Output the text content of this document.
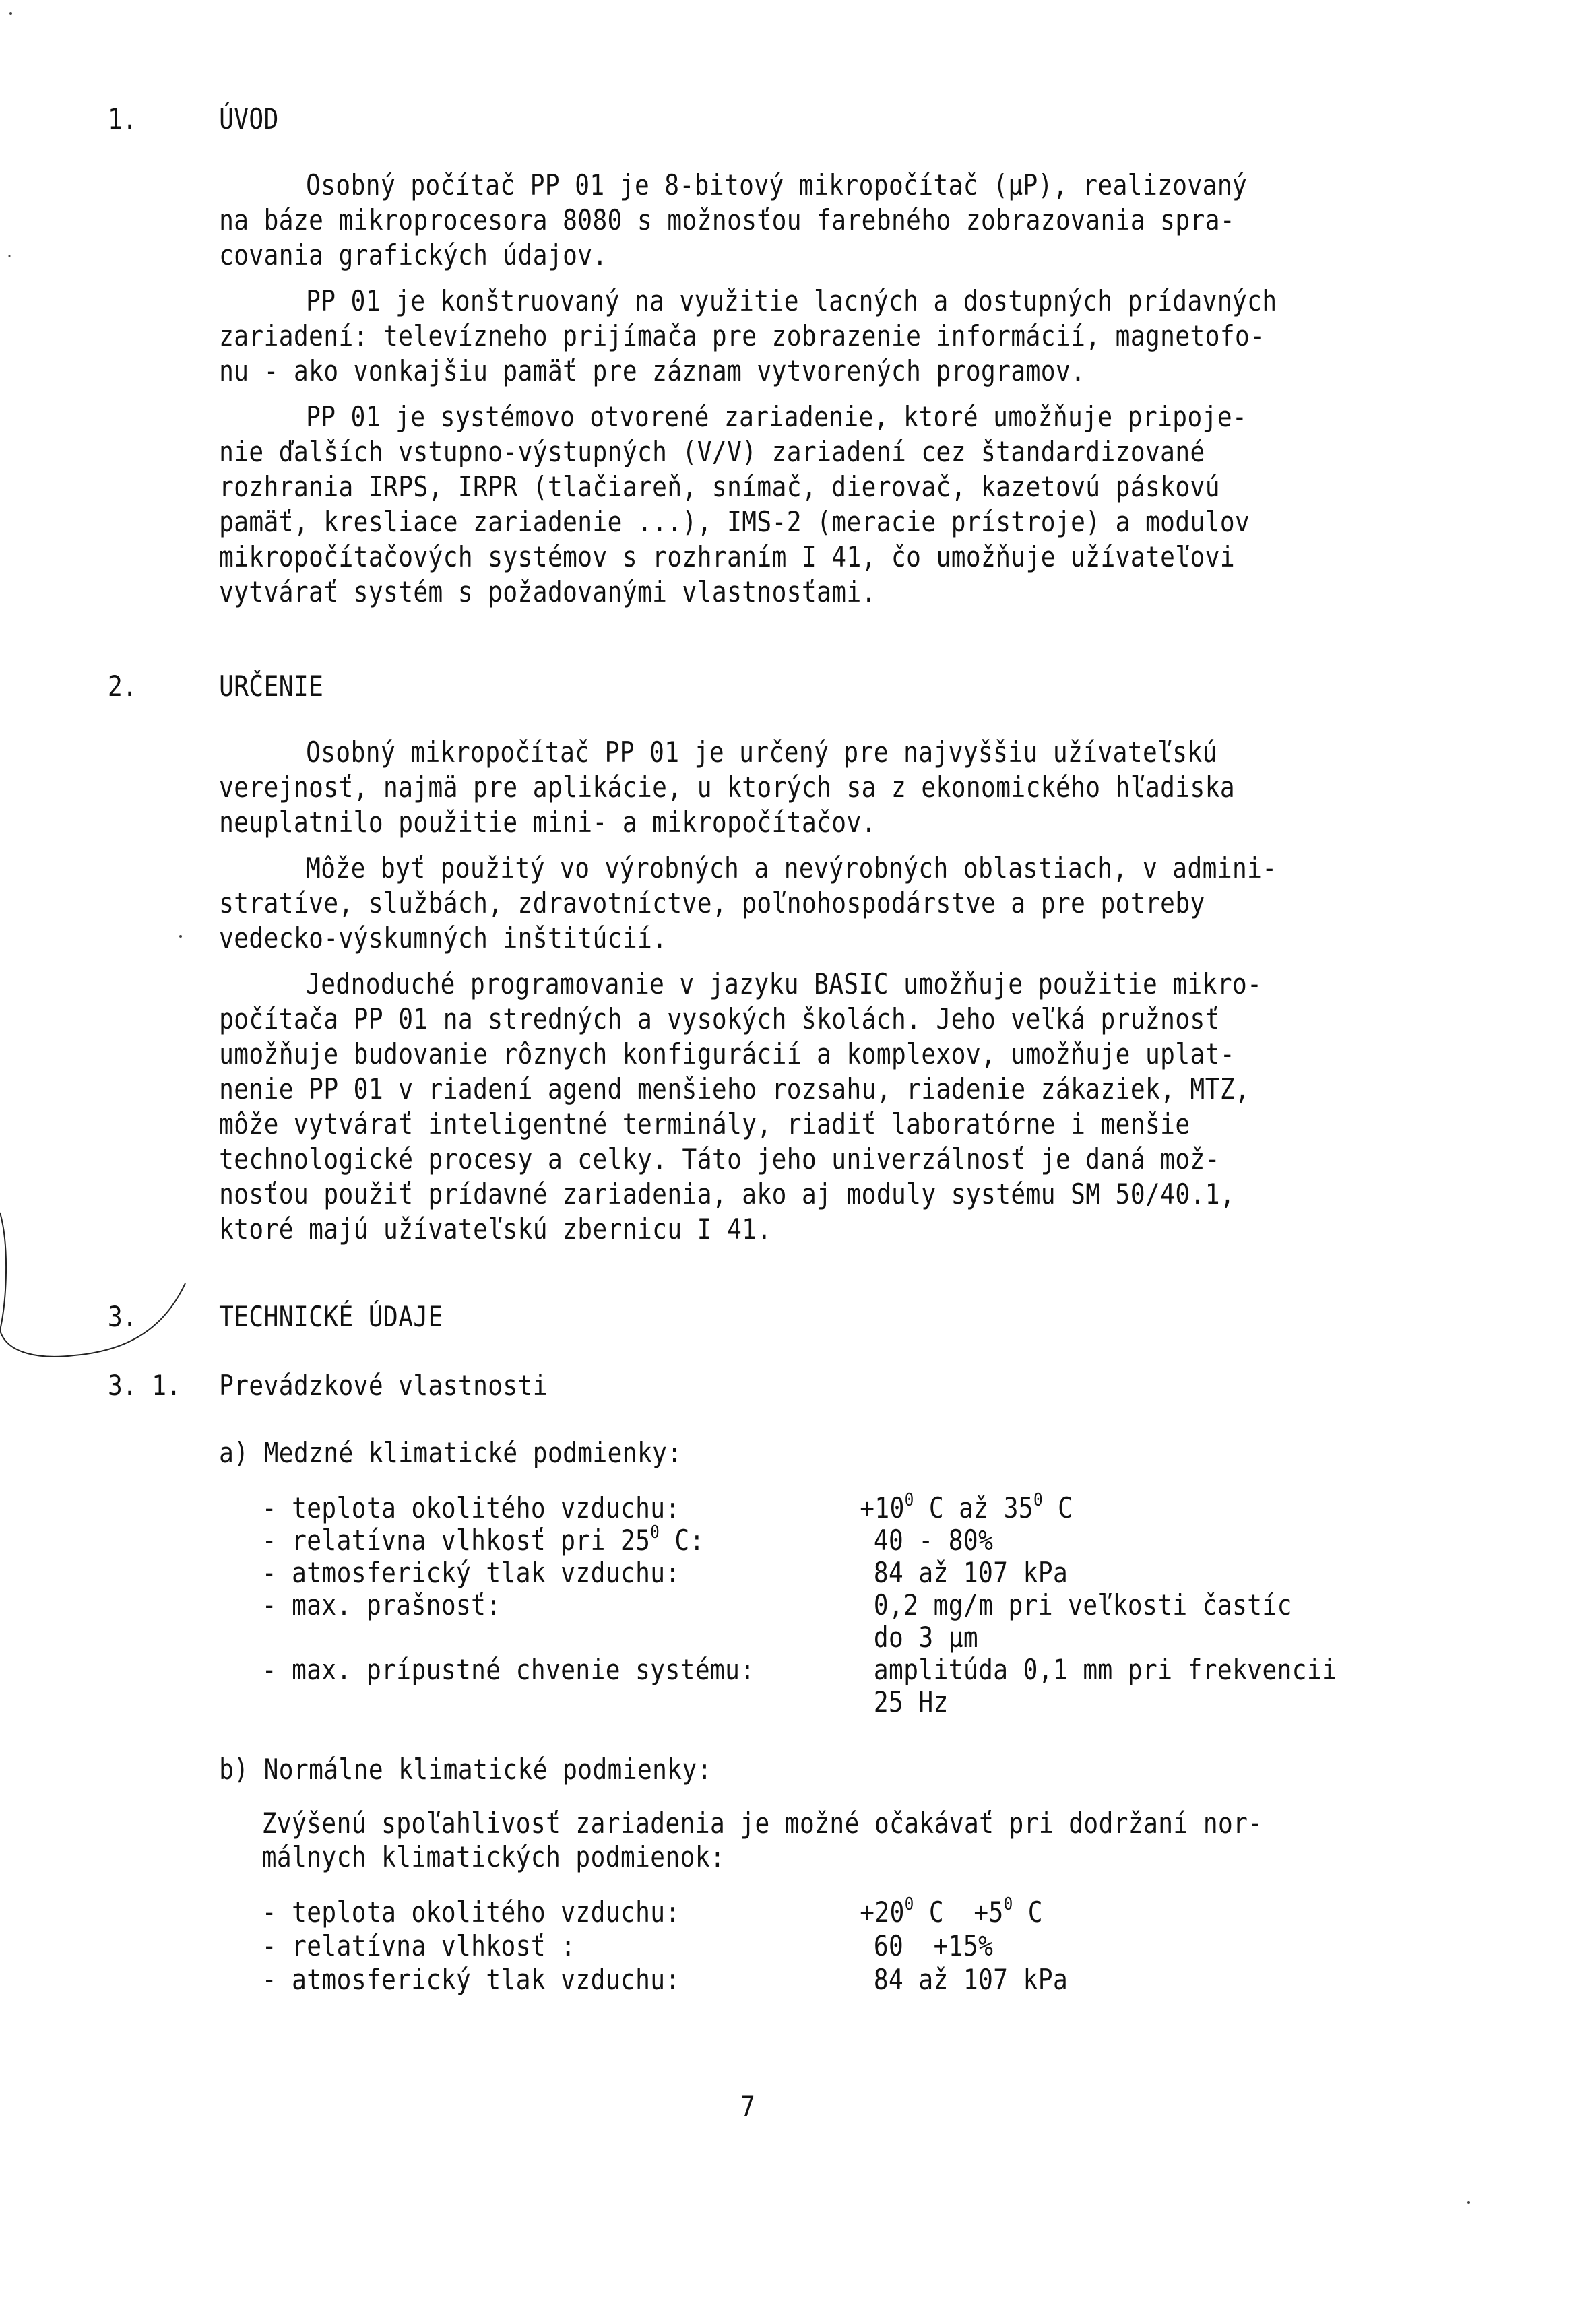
1.	ÚVOD
Osobný počítač PP 01 je 8-bitový mikropočítač (µP), realizovaný
na báze mikroprocesora 8080 s možnosťou farebného zobrazovania spra-
covania grafických údajov.
PP 01 je konštruovaný na využitie lacných a dostupných prídavných
zariadení: televízneho prijímača pre zobrazenie informácií, magnetofo-
nu - ako vonkajšiu pamäť pre záznam vytvorených programov.
PP 01 je systémovo otvorené zariadenie, ktoré umožňuje pripoje-
nie ďalších vstupno-výstupných (V/V) zariadení cez štandardizované
rozhrania IRPS, IRPR (tlačiareň, snímač, dierovač, kazetovú páskovú
pamäť, kresliace zariadenie ...), IMS-2 (meracie prístroje) a modulov
mikropočítačových systémov s rozhraním I 41, čo umožňuje užívateľovi
vytvárať systém s požadovanými vlastnosťami.
2.	URČENIE
Osobný mikropočítač PP 01 je určený pre najvyššiu užívateľskú
verejnosť, najmä pre aplikácie, u ktorých sa z ekonomického hľadiska
neuplatnilo použitie mini- a mikropočítačov.
Môže byť použitý vo výrobných a nevýrobných oblastiach, v admini-
stratíve, službách, zdravotníctve, poľnohospodárstve a pre potreby
vedecko-výskumných inštitúcií.
Jednoduché programovanie v jazyku BASIC umožňuje použitie mikro-
počítača PP 01 na stredných a vysokých školách. Jeho veľká pružnosť
umožňuje budovanie rôznych konfigurácií a komplexov, umožňuje uplat-
nenie PP 01 v riadení agend menšieho rozsahu, riadenie zákaziek, MTZ,
môže vytvárať inteligentné terminály, riadiť laboratórne i menšie
technologické procesy a celky. Táto jeho univerzálnosť je daná mož-
nosťou použiť prídavné zariadenia, ako aj moduly systému SM 50/40.1,
ktoré majú užívateľskú zbernicu I 41.
3.	TECHNICKÉ ÚDAJE
3. 1. Prevádzkové vlastnosti
a) Medzné klimatické podmienky:
- teplota okolitého vzduchu:	$+10^0$ C až $35^0$ C
- relatívna vlhkosť pri $25^0$ C:	40 - 80%
- atmosferický tlak vzduchu:	84 až 107 kPa
- max. prašnosť:	0,2 mg/m pri veľkosti častíc
do 3 µm
- max. prípustné chvenie systému:	amplitúda 0,1 mm pri frekvencii
25 Hz
b) Normálne klimatické podmienky:
Zvýšenú spoľahlivosť zariadenia je možné očakávať pri dodržaní nor-
málnych klimatických podmienok:
- teplota okolitého vzduchu:	$+20^0$ $C +5^0$ C
- relatívna vlhkosť :	60  +15%
- atmosferický tlak vzduchu:	84 až 107 kPa
7
